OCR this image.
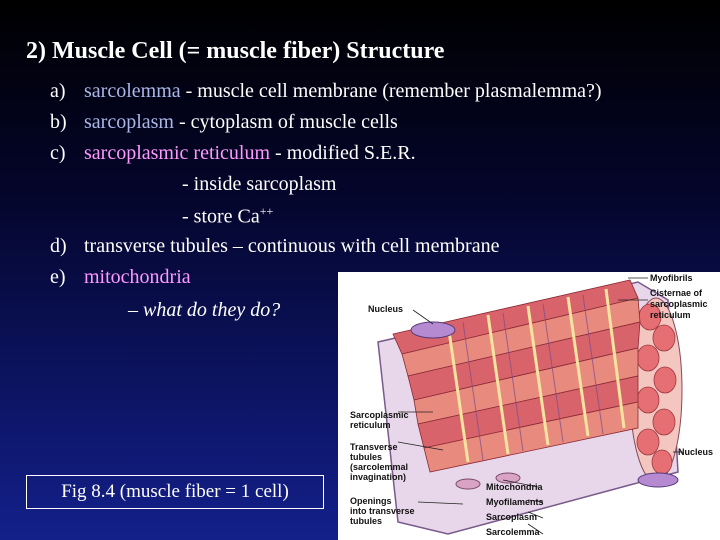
2) Muscle Cell (= muscle fiber) Structure
a) sarcolemma - muscle cell membrane (remember plasmalemma?)
b) sarcoplasm - cytoplasm of muscle cells
c) sarcoplasmic reticulum - modified S.E.R.
- inside sarcoplasm
- store Ca++
d) transverse tubules – continuous with cell membrane
e) mitochondria
– what do they do?
Fig 8.4 (muscle fiber = 1 cell)
Myofibrils
Cisternae of
sarcoplasmic
reticulum
Nucleus
Sarcoplasmic
reticulum
Transverse
tubules
(sarcolemmal
invagination)
Openings
into transverse
tubules
Nucleus
Mitochondria
Myofilaments
Sarcoplasm
Sarcolemma
